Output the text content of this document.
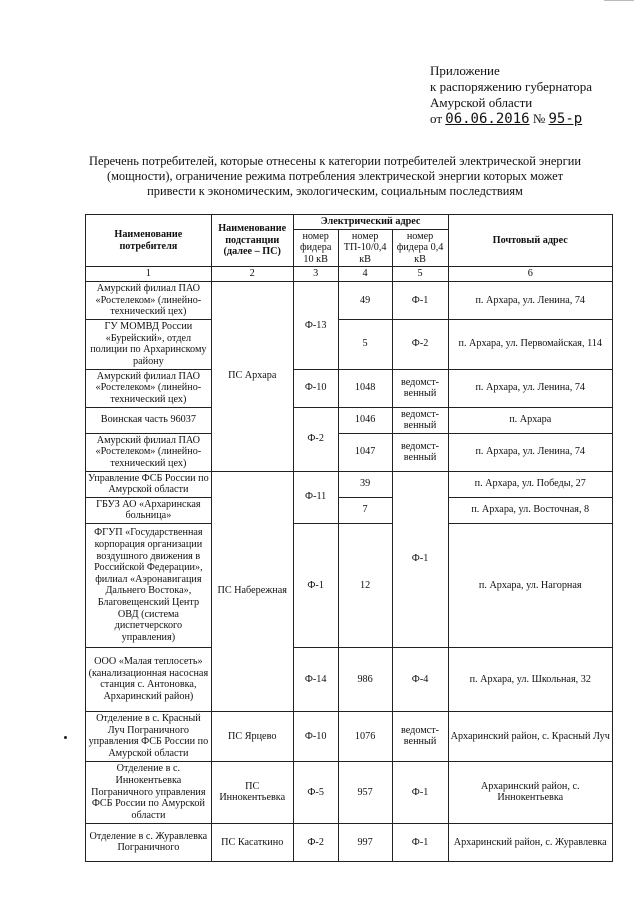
Приложение
к распоряжению губернатора
Амурской области
от 06.06.2016 № 95-р
Перечень потребителей, которые отнесены к категории потребителей электрической энергии (мощности), ограничение режима потребления электрической энергии которых может привести к экономическим, экологическим, социальным последствиям
Наименование потребителя	Наименование подстанции (далее – ПС)	Электрический адрес			Почтовый адрес
		номер фидера 10 кВ	номер ТП-10/0,4 кВ	номер фидера 0,4 кВ	
1	2	3	4	5	6
Амурский филиал ПАО «Ростелеком» (линейно-технический цех)	ПС Архара	Ф-13	49	Ф-1	п. Архара, ул. Ленина, 74
ГУ МОМВД России «Бурейский», отдел полиции по Архаринскому району			5	Ф-2	п. Архара, ул. Первомайская, 114
Амурский филиал ПАО «Ростелеком» (линейно-технический цех)		Ф-10	1048	ведомст-венный	п. Архара, ул. Ленина, 74
Воинская часть 96037		Ф-2	1046	ведомст-венный	п. Архара
Амурский филиал ПАО «Ростелеком» (линейно-технический цех)			1047	ведомст-венный	п. Архара, ул. Ленина, 74
Управление ФСБ России по Амурской области	ПС Набережная	Ф-11	39	Ф-1	п. Архара, ул. Победы, 27
ГБУЗ АО «Архаринская больница»			7		п. Архара, ул. Восточная, 8
ФГУП «Государственная корпорация организации воздушного движения в Российской Федерации», филиал «Аэронавигация Дальнего Востока», Благовещенский Центр ОВД (система диспетчерского управления)		Ф-1	12		п. Архара, ул. Нагорная
ООО «Малая теплосеть» (канализационная насосная станция с. Антоновка, Архаринский район)		Ф-14	986	Ф-4	п. Архара, ул. Школьная, 32
Отделение в с. Красный Луч Пограничного управления ФСБ России по Амурской области	ПС Ярцево	Ф-10	1076	ведомст-венный	Архаринский район, с. Красный Луч
Отделение в с. Иннокентьевка Пограничного управления ФСБ России по Амурской области	ПС Иннокентьевка	Ф-5	957	Ф-1	Архаринский район, с. Иннокентьевка
Отделение в с. Журавлевка Пограничного	ПС Касаткино	Ф-2	997	Ф-1	Архаринский район, с. Журавлевка
